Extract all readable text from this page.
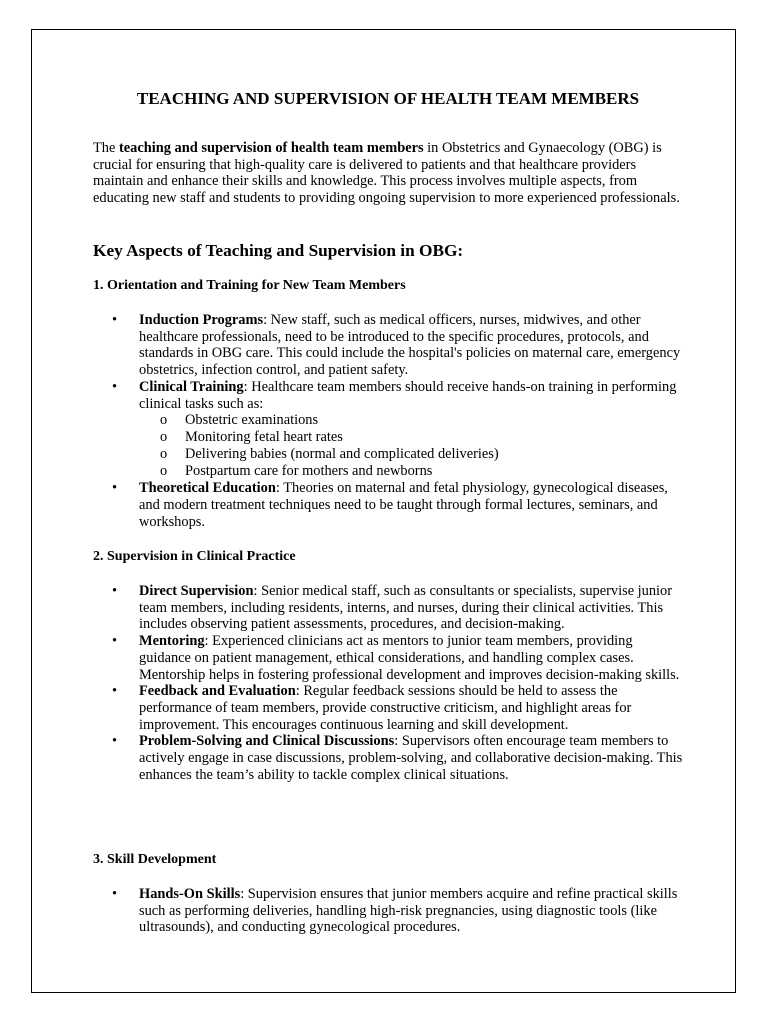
TEACHING AND SUPERVISION OF HEALTH TEAM MEMBERS

The teaching and supervision of health team members in Obstetrics and Gynaecology (OBG) is crucial for ensuring that high-quality care is delivered to patients and that healthcare providers maintain and enhance their skills and knowledge. This process involves multiple aspects, from educating new staff and students to providing ongoing supervision to more experienced professionals.

Key Aspects of Teaching and Supervision in OBG:
1. Orientation and Training for New Team Members
• Induction Programs: New staff, such as medical officers, nurses, midwives, and other healthcare professionals, need to be introduced to the specific procedures, protocols, and standards in OBG care. This could include the hospital's policies on maternal care, emergency obstetrics, infection control, and patient safety.
• Clinical Training: Healthcare team members should receive hands-on training in performing clinical tasks such as:
o Obstetric examinations
o Monitoring fetal heart rates
o Delivering babies (normal and complicated deliveries)
o Postpartum care for mothers and newborns
• Theoretical Education: Theories on maternal and fetal physiology, gynecological diseases, and modern treatment techniques need to be taught through formal lectures, seminars, and workshops.
2. Supervision in Clinical Practice
• Direct Supervision: Senior medical staff, such as consultants or specialists, supervise junior team members, including residents, interns, and nurses, during their clinical activities. This includes observing patient assessments, procedures, and decision-making.
• Mentoring: Experienced clinicians act as mentors to junior team members, providing guidance on patient management, ethical considerations, and handling complex cases. Mentorship helps in fostering professional development and improves decision-making skills.
• Feedback and Evaluation: Regular feedback sessions should be held to assess the performance of team members, provide constructive criticism, and highlight areas for improvement. This encourages continuous learning and skill development.
• Problem-Solving and Clinical Discussions: Supervisors often encourage team members to actively engage in case discussions, problem-solving, and collaborative decision-making. This enhances the team’s ability to tackle complex clinical situations.
3. Skill Development
• Hands-On Skills: Supervision ensures that junior members acquire and refine practical skills such as performing deliveries, handling high-risk pregnancies, using diagnostic tools (like ultrasounds), and conducting gynecological procedures.
